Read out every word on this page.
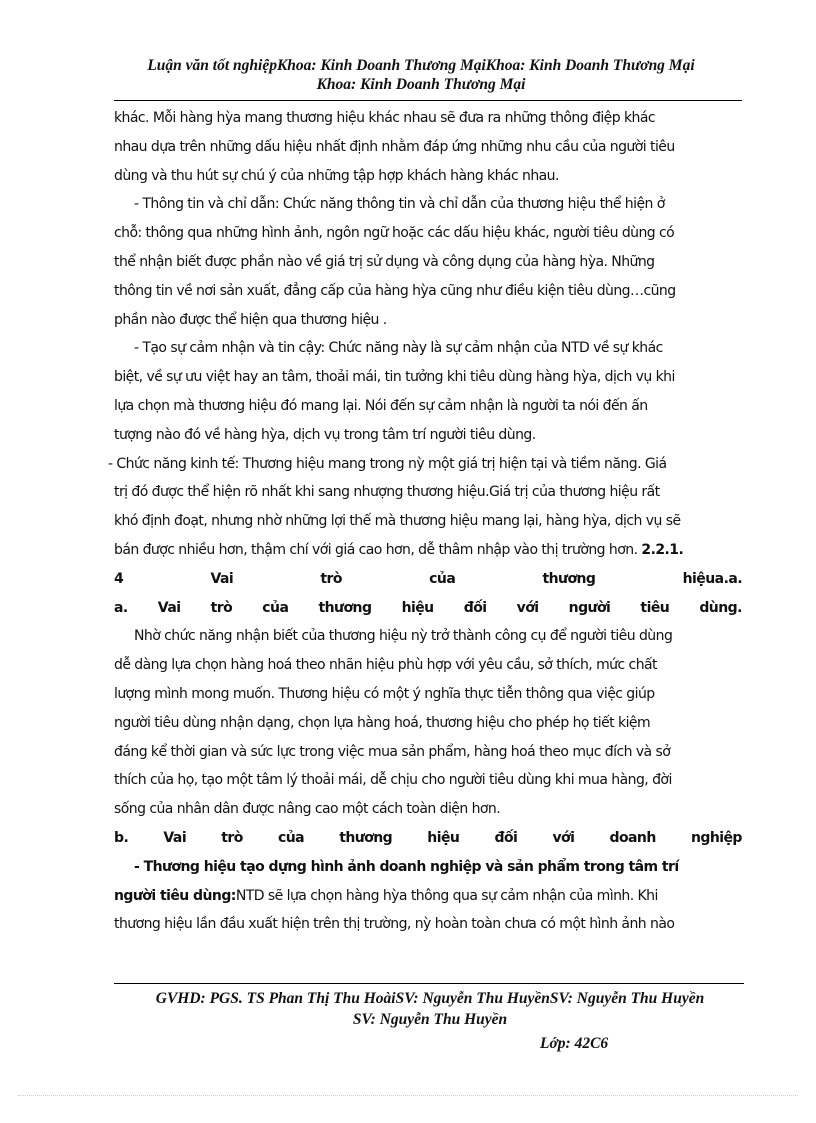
Luận văn tốt nghiệpKhoa: Kinh Doanh Thương MạiKhoa: Kinh Doanh Thương Mại
Khoa: Kinh Doanh Thương Mại
khác. Mỗi hàng hỳa mang thương hiệu khác nhau sẽ đưa ra những thông điệp khác
nhau dựa trên những dấu hiệu nhất định nhằm đáp ứng những nhu cầu của người tiêu
dùng và thu hút sự chú ý của những tập hợp khách hàng khác nhau.
- Thông tin và chỉ dẫn: Chức năng thông tin và chỉ dẫn của thương hiệu thể hiện ở
chỗ: thông qua những hình ảnh, ngôn ngữ hoặc các dấu hiệu khác, người tiêu dùng có
thể nhận biết được phần nào về giá trị sử dụng và công dụng của hàng hỳa. Những
thông tin về nơi sản xuất, đẳng cấp của hàng hỳa cũng như điều kiện tiêu dùng…cũng
phần nào được thể hiện qua thương hiệu .
- Tạo sự cảm nhận và tin cậy: Chức năng này là sự cảm nhận của NTD về sự khác
biệt, về sự ưu việt hay an tâm, thoải mái, tin tưởng khi tiêu dùng hàng hỳa, dịch vụ khi
lựa chọn mà thương hiệu đó mang lại. Nói đến sự cảm nhận là người ta nói đến ấn
tượng nào đó về hàng hỳa, dịch vụ trong tâm trí người tiêu dùng.
- Chức năng kinh tế: Thương hiệu mang trong nỳ một giá trị hiện tại và tiềm năng. Giá
trị đó được thể hiện rõ nhất khi sang nhượng thương hiệu.Giá trị của thương hiệu rất
khó định đoạt, nhưng nhờ những lợi thế mà thương hiệu mang lại, hàng hỳa, dịch vụ sẽ
bán được nhiều hơn, thậm chí với giá cao hơn, dễ thâm nhập vào thị trường hơn.
2.2.1.
4	Vai	trò	của	thương	hiệua.a.
a. Vai trò của thương hiệu đối với người tiêu dùng.
Nhờ chức năng nhận biết của thương hiệu nỳ trở thành công cụ để người tiêu dùng
dễ dàng lựa chọn hàng hoá theo nhãn hiệu phù hợp với yêu cầu, sở thích, mức chất
lượng mình mong muốn. Thương hiệu có một ý nghĩa thực tiễn thông qua việc giúp
người tiêu dùng nhận dạng, chọn lựa hàng hoá, thương hiệu cho phép họ tiết kiệm
đáng kể thời gian và sức lực trong việc mua sản phẩm, hàng hoá theo mục đích và sở
thích của họ, tạo một tâm lý thoải mái, dễ chịu cho người tiêu dùng khi mua hàng, đời
sống của nhân dân được nâng cao một cách toàn diện hơn.
b.	Vai	trò	của	thương	hiệu	đối	với	doanh	nghiệp
- Thương hiệu tạo dựng hình ảnh doanh nghiệp và sản phẩm trong tâm trí
người tiêu dùng: NTD sẽ lựa chọn hàng hỳa thông qua sự cảm nhận của mình. Khi
thương hiệu lần đầu xuất hiện trên thị trường, nỳ hoàn toàn chưa có một hình ảnh nào
GVHD: PGS. TS Phan Thị Thu HoàiSV: Nguyễn Thu HuyềnSV: Nguyễn Thu Huyền
SV: Nguyễn Thu Huyền
Lớp: 42C6
